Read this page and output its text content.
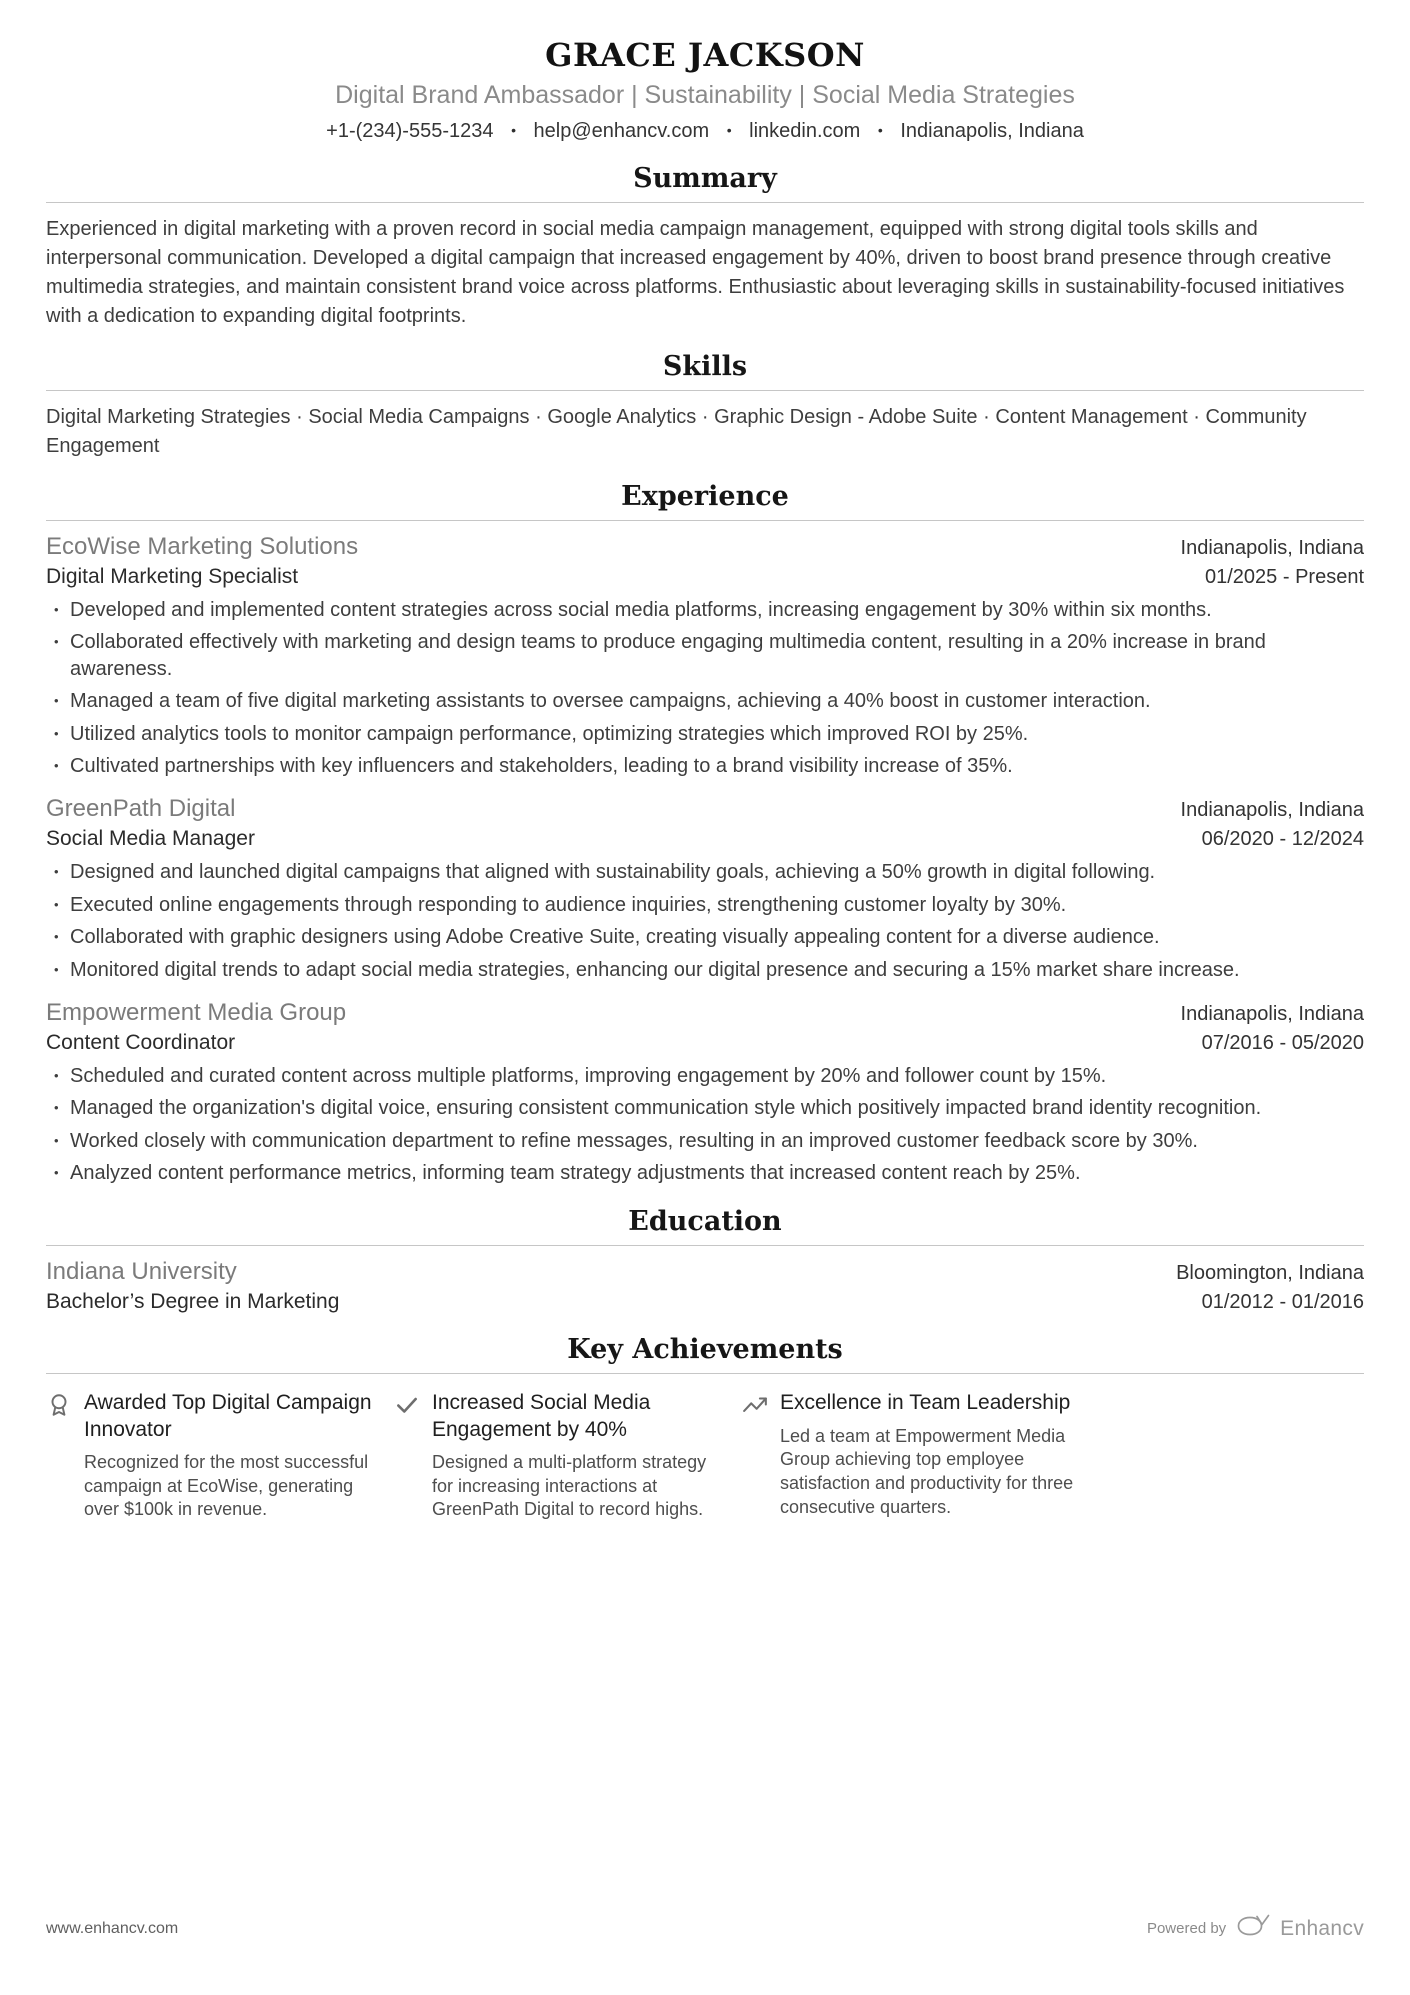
GRACE JACKSON
Digital Brand Ambassador | Sustainability | Social Media Strategies
+1-(234)-555-1234 • help@enhancv.com • linkedin.com • Indianapolis, Indiana
Summary

Experienced in digital marketing with a proven record in social media campaign management, equipped with strong digital tools skills and interpersonal communication. Developed a digital campaign that increased engagement by 40%, driven to boost brand presence through creative multimedia strategies, and maintain consistent brand voice across platforms. Enthusiastic about leveraging skills in sustainability-focused initiatives with a dedication to expanding digital footprints.

Skills

Digital Marketing Strategies · Social Media Campaigns · Google Analytics · Graphic Design - Adobe Suite · Content Management · Community Engagement

Experience
EcoWise Marketing Solutions	Indianapolis, Indiana
Digital Marketing Specialist	01/2025 - Present
• Developed and implemented content strategies across social media platforms, increasing engagement by 30% within six months.
• Collaborated effectively with marketing and design teams to produce engaging multimedia content, resulting in a 20% increase in brand awareness.
• Managed a team of five digital marketing assistants to oversee campaigns, achieving a 40% boost in customer interaction.
• Utilized analytics tools to monitor campaign performance, optimizing strategies which improved ROI by 25%.
• Cultivated partnerships with key influencers and stakeholders, leading to a brand visibility increase of 35%.
GreenPath Digital	Indianapolis, Indiana
Social Media Manager	06/2020 - 12/2024
• Designed and launched digital campaigns that aligned with sustainability goals, achieving a 50% growth in digital following.
• Executed online engagements through responding to audience inquiries, strengthening customer loyalty by 30%.
• Collaborated with graphic designers using Adobe Creative Suite, creating visually appealing content for a diverse audience.
• Monitored digital trends to adapt social media strategies, enhancing our digital presence and securing a 15% market share increase.
Empowerment Media Group	Indianapolis, Indiana
Content Coordinator	07/2016 - 05/2020
• Scheduled and curated content across multiple platforms, improving engagement by 20% and follower count by 15%.
• Managed the organization's digital voice, ensuring consistent communication style which positively impacted brand identity recognition.
• Worked closely with communication department to refine messages, resulting in an improved customer feedback score by 30%.
• Analyzed content performance metrics, informing team strategy adjustments that increased content reach by 25%.
Education
Indiana University	Bloomington, Indiana
Bachelor’s Degree in Marketing	01/2012 - 01/2016
Key Achievements
Awarded Top Digital Campaign Innovator
Recognized for the most successful campaign at EcoWise, generating over $100k in revenue.
Increased Social Media Engagement by 40%
Designed a multi-platform strategy for increasing interactions at GreenPath Digital to record highs.
Excellence in Team Leadership
Led a team at Empowerment Media Group achieving top employee satisfaction and productivity for three consecutive quarters.
www.enhancv.com	Powered by	Enhancv
